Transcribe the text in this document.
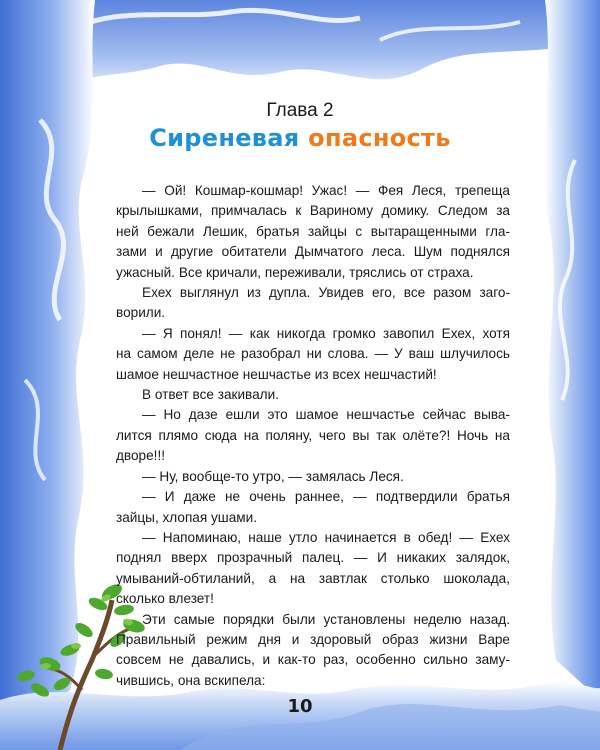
Глава 2
Сиреневая опасность
— Ой! Кошмар-кошмар! Ужас! — Фея Леся, трепеща
крылышками, примчалась к Вариному домику. Следом за
ней бежали Лешик, братья зайцы с вытаращенными гла-
зами и другие обитатели Дымчатого леса. Шум поднялся
ужасный. Все кричали, переживали, тряслись от страха.
Ехех выглянул из дупла. Увидев его, все разом заго-
ворили.
— Я понял! — как никогда громко завопил Ехех, хотя
на самом деле не разобрал ни слова. — У ваш шлучилось
шамое нешчастное нешчастье из всех нешчастий!
В ответ все закивали.
— Но дазе ешли это шамое нешчастье сейчас выва-
лится плямо сюда на поляну, чего вы так олёте?! Ночь на
дворе!!!
— Ну, вообще-то утро, — замялась Леся.
— И даже не очень раннее, — подтвердили братья
зайцы, хлопая ушами.
— Напоминаю, наше утло начинается в обед! — Ехех
поднял вверх прозрачный палец. — И никаких залядок,
умываний-обтиланий, а на завтлак столько шоколада,
сколько влезет!
Эти самые порядки были установлены неделю назад.
Правильный режим дня и здоровый образ жизни Варе
совсем не давались, и как-то раз, особенно сильно заму-
чившись, она вскипела:
10
